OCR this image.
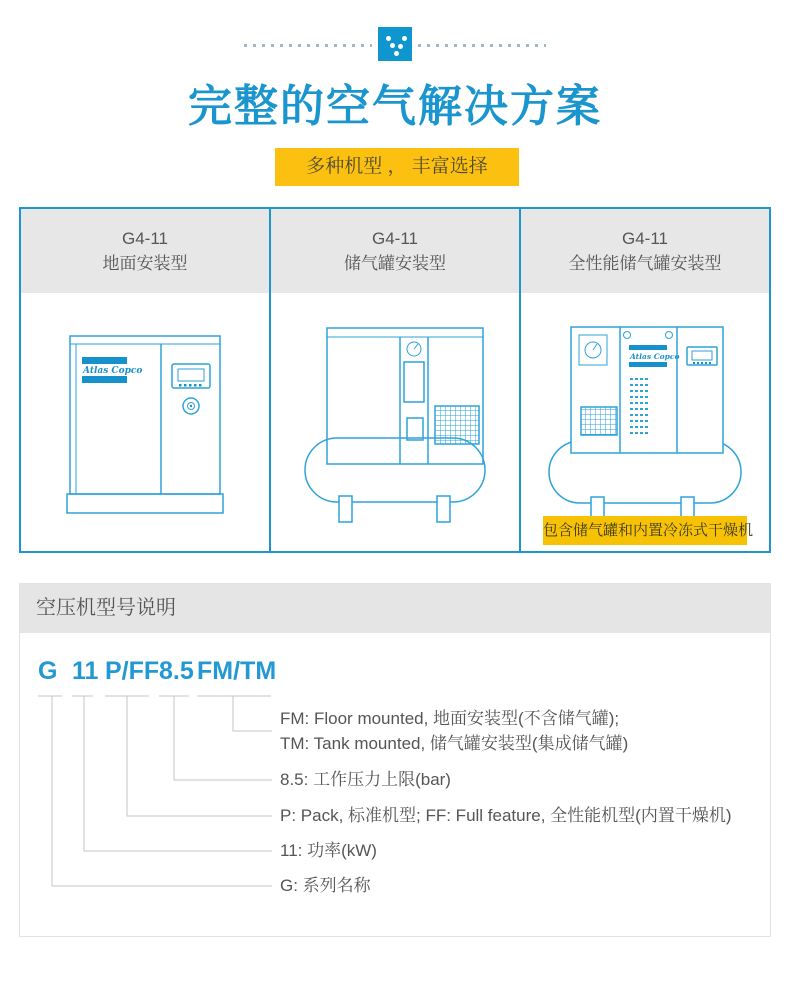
完整的空气解决方案
多种机型 ， 丰富选择
G4-11
地面安装型
Atlas Copco
G4-11
储气罐安装型
G4-11
全性能储气罐安装型
Atlas Copco
包含储气罐和内置冷冻式干燥机
空压机型号说明
G 11 P/FF 8.5 FM/TM
FM: Floor mounted, 地面安装型(不含储气罐);
TM: Tank mounted, 储气罐安装型(集成储气罐)
8.5: 工作压力上限(bar)
P: Pack, 标准机型; FF: Full feature, 全性能机型(内置干燥机)
11: 功率(kW)
G: 系列名称
